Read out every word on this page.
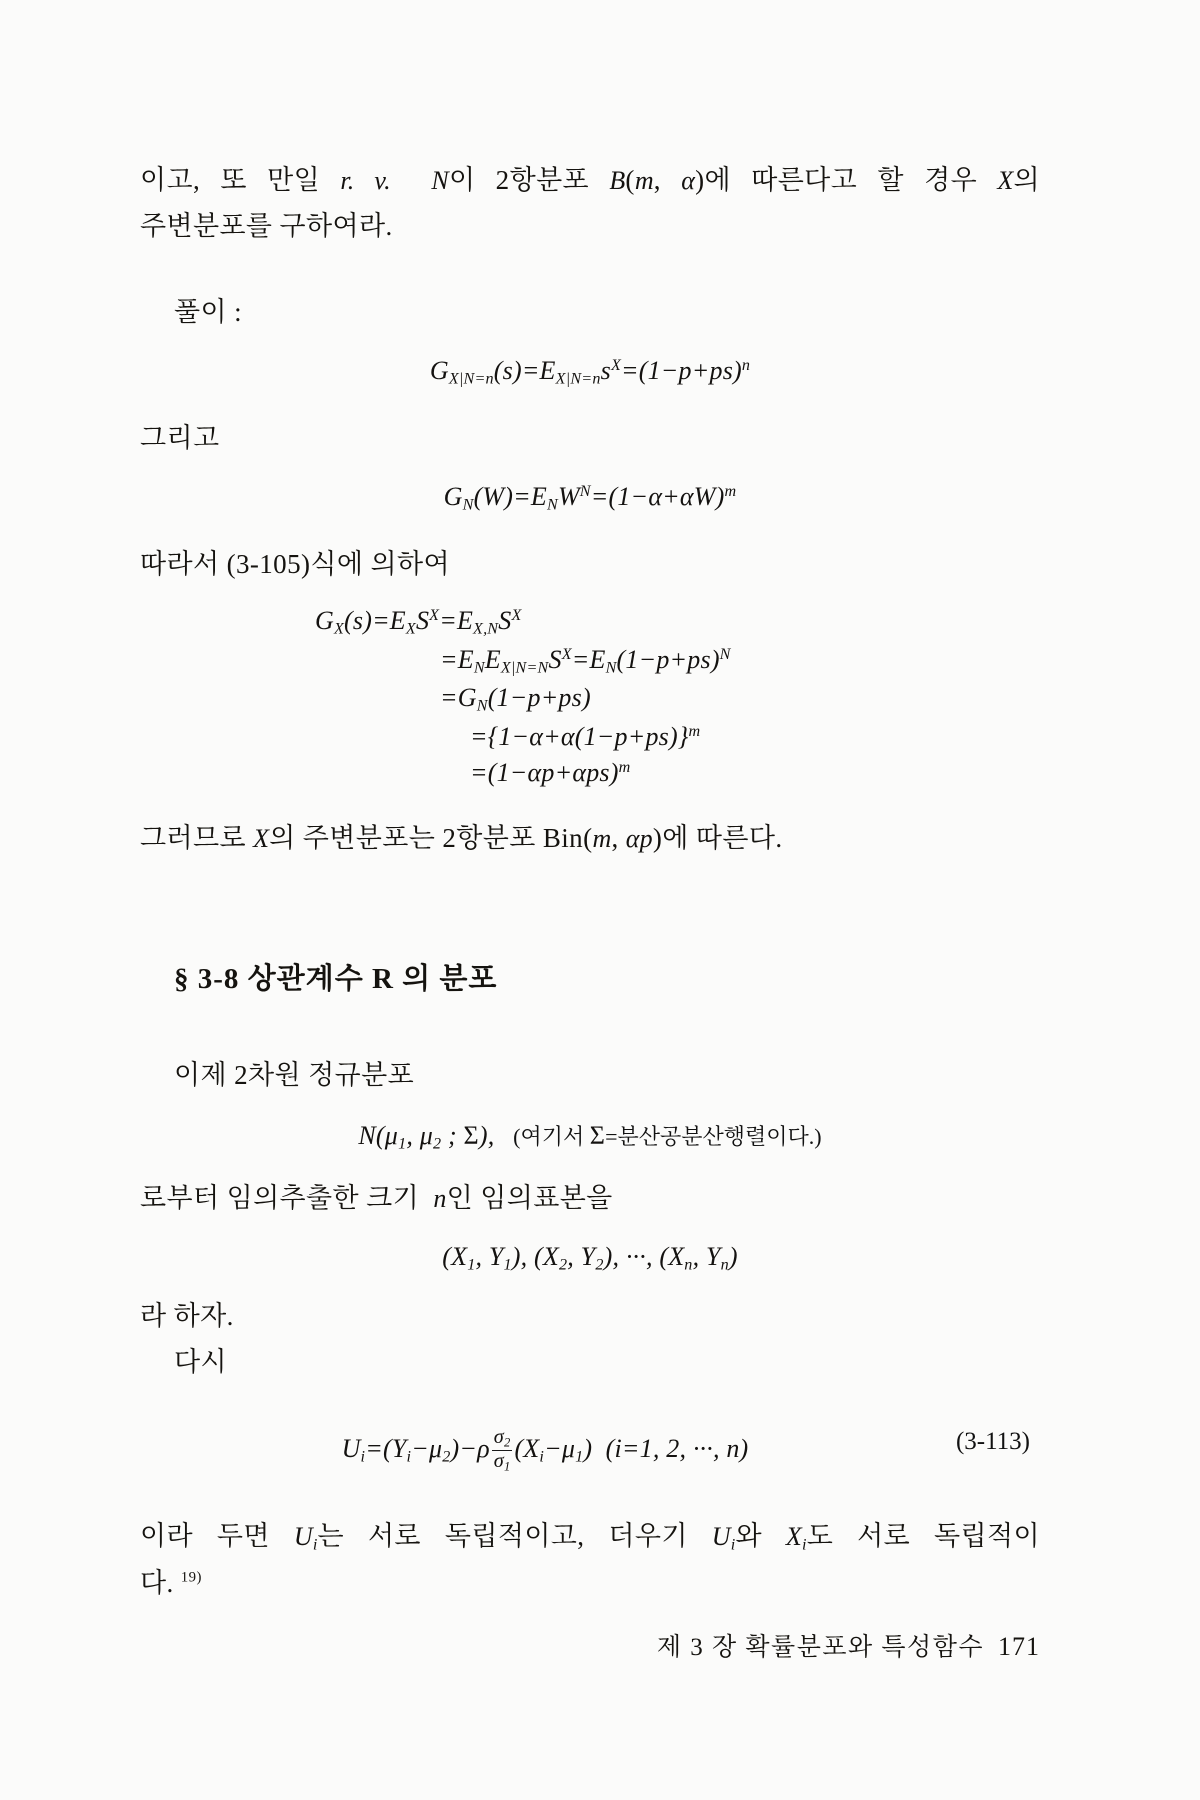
이고, 또 만일 r. v. N이 2항분포 B(m, α)에 따른다고 할 경우 X의

주변분포를 구하여라.

풀이 :

$G_{X|N=n}(s)=E_{X|N=n}s^X=(1-p+ps)^n$

그리고

$G_N(W)=E_NW^N=(1-\alpha+\alpha W)^m$

따라서 (3-105)식에 의하여

$G_X(s)=E_XS^X=E_{X,N}S^X$
$=E_NE_{X|N=N}S^X=E_N(1-p+ps)^N$
$=G_N(1-p+ps)$
$=\{1-\alpha+\alpha(1-p+ps)\}^m$
$=(1-\alpha p+\alpha ps)^m$

그러므로 X의 주변분포는 2항분포 Bin(m, αp)에 따른다.

§ 3-8 상관계수 R 의 분포

이제 2차원 정규분포

$N(\mu_1$, $\mu_2$ ; Σ), (여기서 Σ=분산공분산행렬이다.)

로부터 임의추출한 크기  n인 임의표본을

($X_1$, $Y_1$), ($X_2$, $Y_2$), ···, ($X_n$, $Y_n$)

라 하자.

다시

(3-113)
$U_i=(Y_i-\mu_2)-\rho \frac{\sigma_2}{\sigma_1} (X_i-\mu_1)$  (i=1, 2, ···, n)

이라 두면 $U_i$는 서로 독립적이고, 더우기 $U_i$와 $X_i$도 서로 독립적이

다. $^{19)}$

제 3 장 확률분포와 특성함수 171
